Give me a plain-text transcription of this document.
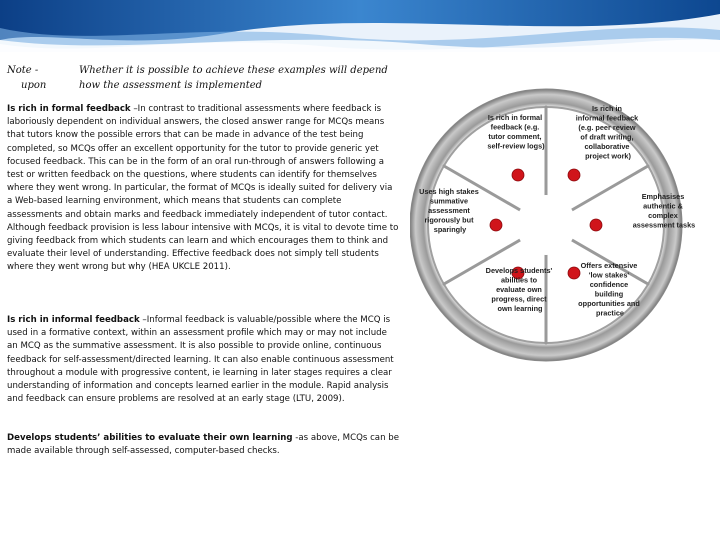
Note -
upon
Whether it is possible to achieve these examples will depend
how the assessment is implemented
Is rich in formal feedback –In contrast to traditional assessments where feedback is laboriously dependent on individual answers, the closed answer range for MCQs means that tutors know the possible errors that can be made in advance of the test being completed, so MCQs offer an excellent opportunity for the tutor to provide generic yet focused feedback. This can be in the form of an oral run-through of answers following a test or written feedback on the questions, where students can identify for themselves where they went wrong. In particular, the format of MCQs is ideally suited for delivery via a Web-based learning environment, which means that students can complete assessments and obtain marks and feedback immediately independent of tutor contact. Although feedback provision is less labour intensive with MCQs, it is vital to devote time to giving feedback from which students can learn and which encourages them to think and evaluate their level of understanding. Effective feedback does not simply tell students where they went wrong but why (HEA UKCLE 2011).
Is rich in informal feedback –Informal feedback is valuable/possible where the MCQ is used in a formative context, within an assessment profile which may or may not include an MCQ as the summative assessment. It is also possible to provide online, continuous feedback for self-assessment/directed learning. It can also enable continuous assessment throughout a module with progressive content, ie learning in later stages requires a clear understanding of information and concepts learned earlier in the module. Rapid analysis and feedback can ensure problems are resolved at an early stage (LTU, 2009).
Develops students’ abilities to evaluate their own learning -as above, MCQs can be made available through self-assessed, computer-based checks.
Is rich in formal feedback (e.g. tutor comment, self-review logs)
Is rich in informal feedback (e.g. peer review of draft writing, collaborative project work)
Emphasises authentic & complex assessment tasks
Offers extensive 'low stakes' confidence building opportunities and practice
Develops students' abilities to evaluate own progress, direct own learning
Uses high stakes summative assessment rigorously but sparingly
